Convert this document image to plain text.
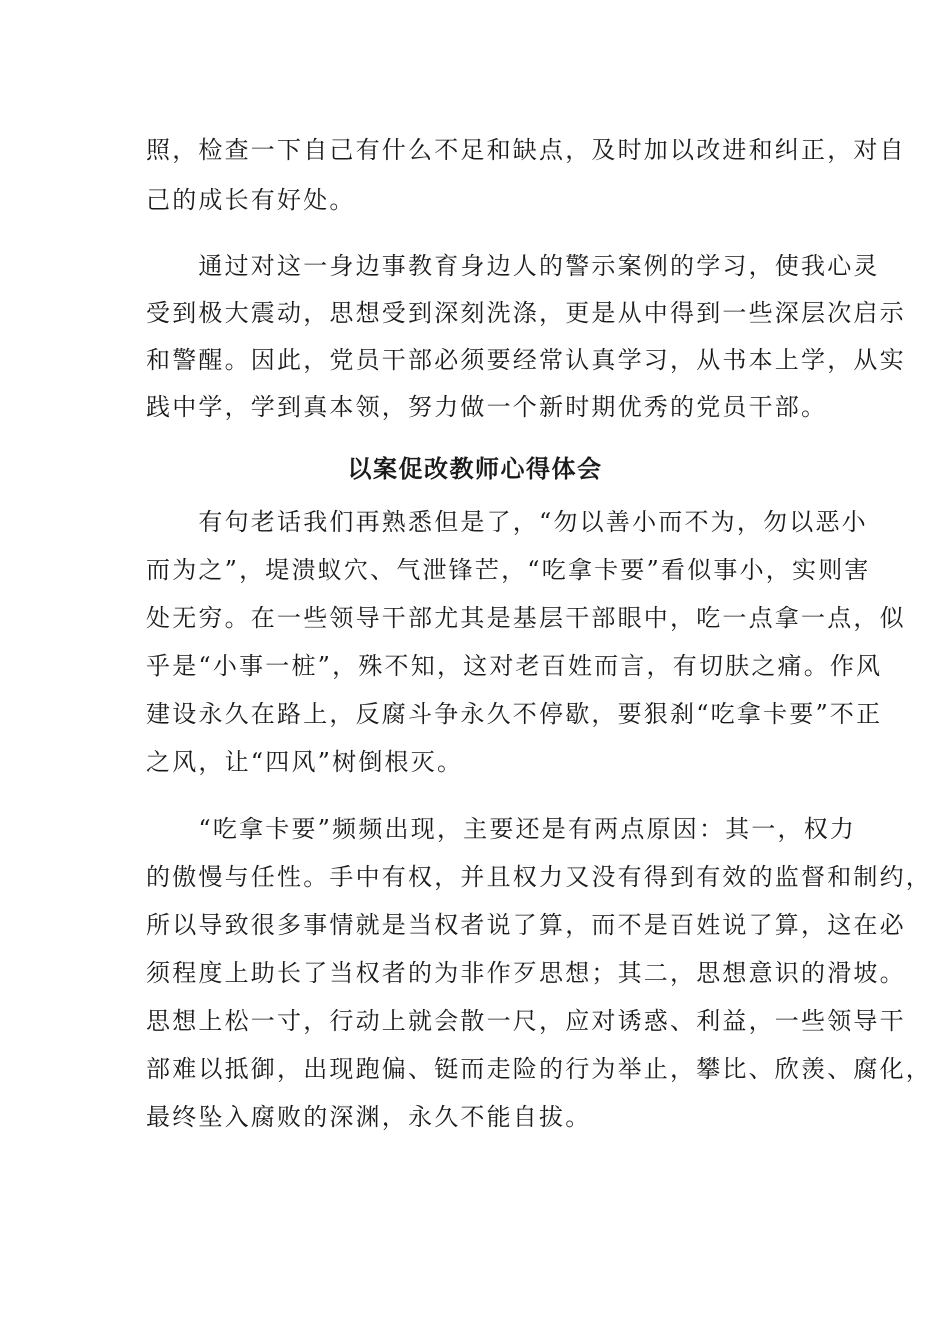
照，检查一下自己有什么不足和缺点，及时加以改进和纠正，对自

己的成长有好处。

　　通过对这一身边事教育身边人的警示案例的学习，使我心灵

受到极大震动，思想受到深刻洗涤，更是从中得到一些深层次启示

和警醒。因此，党员干部必须要经常认真学习，从书本上学，从实

践中学，学到真本领，努力做一个新时期优秀的党员干部。

以案促改教师心得体会

　　有句老话我们再熟悉但是了，“勿以善小而不为，勿以恶小

而为之”，堤溃蚁穴、气泄锋芒，“吃拿卡要”看似事小，实则害

处无穷。在一些领导干部尤其是基层干部眼中，吃一点拿一点，似

乎是“小事一桩”，殊不知，这对老百姓而言，有切肤之痛。作风

建设永久在路上，反腐斗争永久不停歇，要狠刹“吃拿卡要”不正

之风，让“四风”树倒根灭。

　　“吃拿卡要”频频出现，主要还是有两点原因：其一，权力

的傲慢与任性。手中有权，并且权力又没有得到有效的监督和制约，

所以导致很多事情就是当权者说了算，而不是百姓说了算，这在必

须程度上助长了当权者的为非作歹思想；其二，思想意识的滑坡。

思想上松一寸，行动上就会散一尺，应对诱惑、利益，一些领导干

部难以抵御，出现跑偏、铤而走险的行为举止，攀比、欣羡、腐化，

最终坠入腐败的深渊，永久不能自拔。
